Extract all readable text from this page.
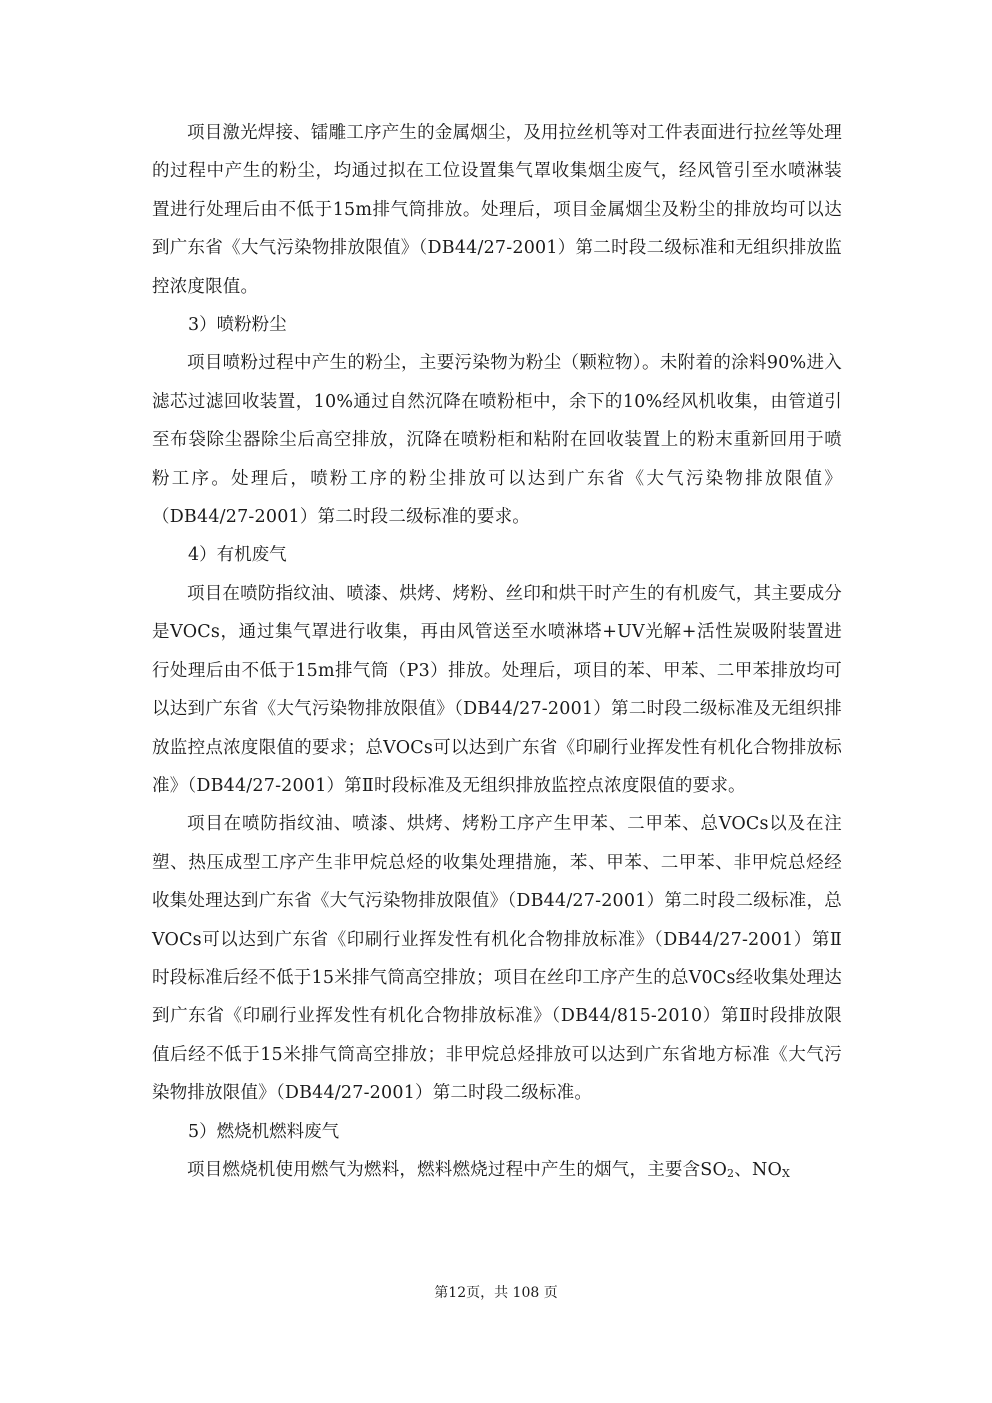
项目激光焊接、镭雕工序产生的金属烟尘，及用拉丝机等对工件表面进行拉丝等处理的过程中产生的粉尘，均通过拟在工位设置集气罩收集烟尘废气，经风管引至水喷淋装置进行处理后由不低于15m排气筒排放。处理后，项目金属烟尘及粉尘的排放均可以达到广东省《大气污染物排放限值》（DB44/27-2001）第二时段二级标准和无组织排放监控浓度限值。

3）喷粉粉尘

项目喷粉过程中产生的粉尘，主要污染物为粉尘（颗粒物）。未附着的涂料90%进入滤芯过滤回收装置，10%通过自然沉降在喷粉柜中，余下的10%经风机收集，由管道引至布袋除尘器除尘后高空排放，沉降在喷粉柜和粘附在回收装置上的粉末重新回用于喷粉工序。处理后，喷粉工序的粉尘排放可以达到广东省《大气污染物排放限值》（DB44/27-2001）第二时段二级标准的要求。

4）有机废气

项目在喷防指纹油、喷漆、烘烤、烤粉、丝印和烘干时产生的有机废气，其主要成分是VOCs，通过集气罩进行收集，再由风管送至水喷淋塔+UV光解+活性炭吸附装置进行处理后由不低于15m排气筒（P3）排放。处理后，项目的苯、甲苯、二甲苯排放均可以达到广东省《大气污染物排放限值》（DB44/27-2001）第二时段二级标准及无组织排放监控点浓度限值的要求；总VOCs可以达到广东省《印刷行业挥发性有机化合物排放标准》（DB44/27-2001）第Ⅱ时段标准及无组织排放监控点浓度限值的要求。

项目在喷防指纹油、喷漆、烘烤、烤粉工序产生甲苯、二甲苯、总VOCs以及在注塑、热压成型工序产生非甲烷总烃的收集处理措施，苯、甲苯、二甲苯、非甲烷总烃经收集处理达到广东省《大气污染物排放限值》（DB44/27-2001）第二时段二级标准，总VOCs可以达到广东省《印刷行业挥发性有机化合物排放标准》（DB44/27-2001）第Ⅱ时段标准后经不低于15米排气筒高空排放；项目在丝印工序产生的总V0Cs经收集处理达到广东省《印刷行业挥发性有机化合物排放标准》（DB44/815-2010）第Ⅱ时段排放限值后经不低于15米排气筒高空排放；非甲烷总烃排放可以达到广东省地方标准《大气污染物排放限值》（DB44/27-2001）第二时段二级标准。

5）燃烧机燃料废气

项目燃烧机使用燃气为燃料，燃料燃烧过程中产生的烟气，主要含$SO_2$、$NO_X$

第12页，共 108 页
